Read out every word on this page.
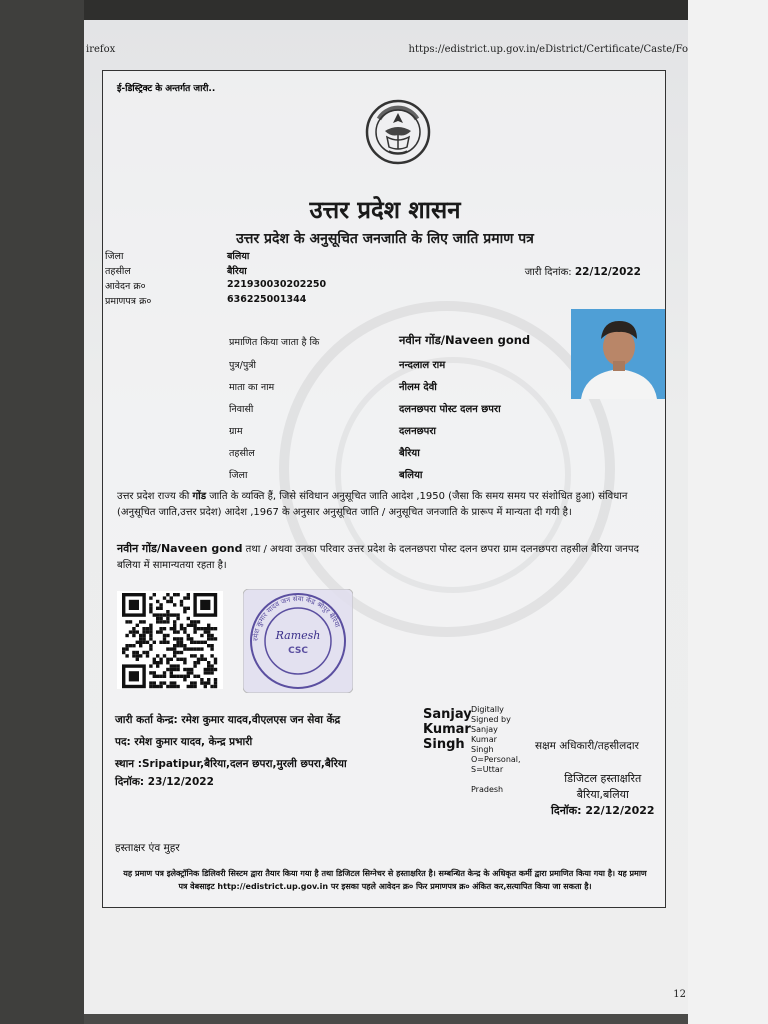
irefox	https://edistrict.up.gov.in/eDistrict/Certificate/Caste/Fo
ई-डिस्ट्रिक्ट के अन्तर्गत जारी..
उत्तर प्रदेश शासन
उत्तर प्रदेश के अनुसूचित जनजाति के लिए जाति प्रमाण पत्र
जिला	बलिया
तहसील	बैरिया
आवेदन क्र०	221930030202250
प्रमाणपत्र क्र०	636225001344
जारी दिनांक: 22/12/2022
प्रमाणित किया जाता है कि	नवीन गोंड/Naveen gond
पुत्र/पुत्री	नन्दलाल राम
माता का नाम	नीलम देवी
निवासी	दलनछपरा पोस्ट दलन छपरा
ग्राम	दलनछपरा
तहसील	बैरिया
जिला	बलिया
उत्तर प्रदेश राज्य की गोंड जाति के व्यक्ति हैं, जिसे संविधान अनुसूचित जाति आदेश ,1950 (जैसा कि समय समय पर संशोधित हुआ) संविधान (अनुसूचित जाति,उत्तर प्रदेश) आदेश ,1967 के अनुसार अनुसूचित जाति / अनुसूचित जनजाति के प्रारूप में मान्यता दी गयी है।
नवीन गोंड/Naveen gond तथा / अथवा उनका परिवार उत्तर प्रदेश के दलनछपरा पोस्ट दलन छपरा ग्राम दलनछपरा तहसील बैरिया जनपद बलिया में सामान्यतया रहता है।
रमेश कुमार यादव जन सेवा केंद्र श्रीपुर बैरिया
Ramesh
CSC
जारी कर्ता केन्द्र: रमेश कुमार यादव,वीएलएस जन सेवा केंद्र
पद: रमेश कुमार यादव, केन्द्र प्रभारी
स्थान :Sripatipur,बैरिया,दलन छपरा,मुरली छपरा,बैरिया
दिनॉक: 23/12/2022
Sanjay
Kumar
Singh
Digitally
Signed by
Sanjay
Kumar
Singh
O=Personal,
S=Uttar
Pradesh
सक्षम अधिकारी/तहसीलदार
डिजिटल हस्ताक्षरित
बैरिया,बलिया
दिनॉक: 22/12/2022
हस्ताक्षर एंव मुहर
यह प्रमाण पत्र इलेक्ट्रॉनिक डिलिवरी सिस्टम द्वारा तैयार किया गया है तथा डिजिटल सिग्नेचर से हस्ताक्षरित है। सम्बन्धित केन्द्र के अधिकृत कर्मी द्वारा प्रमाणित किया गया है। यह प्रमाण पत्र वेबसाइट http://edistrict.up.gov.in पर इसका पहले आवेदन क्र० फिर प्रमाणपत्र क्र० अंकित कर,सत्यापित किया जा सकता है।
12
